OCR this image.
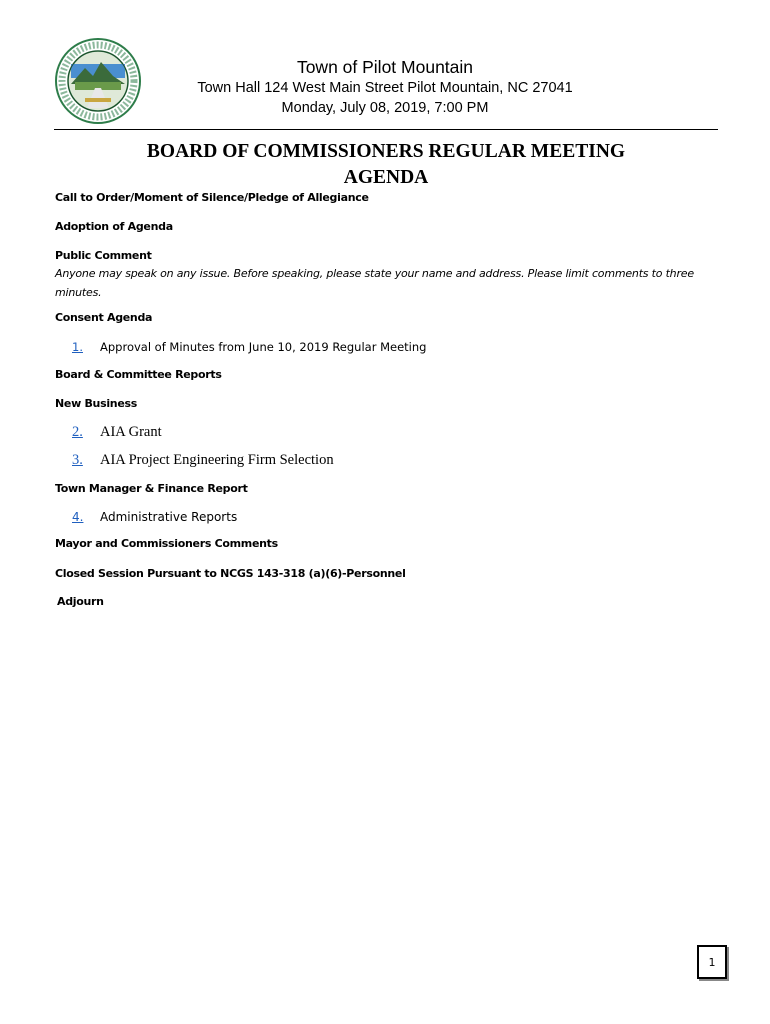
Town of Pilot Mountain
Town Hall 124 West Main Street Pilot Mountain, NC 27041
Monday, July 08, 2019, 7:00 PM
BOARD OF COMMISSIONERS REGULAR MEETING
AGENDA
Call to Order/Moment of Silence/Pledge of Allegiance
Adoption of Agenda
Public Comment
Anyone may speak on any issue. Before speaking, please state your name and address. Please limit comments to three minutes.
Consent Agenda
1.	Approval of Minutes from June 10, 2019 Regular Meeting
Board & Committee Reports
New Business
2.	AIA Grant
3.	AIA Project Engineering Firm Selection
Town Manager & Finance Report
4.	Administrative Reports
Mayor and Commissioners Comments
Closed Session Pursuant to NCGS 143-318 (a)(6)-Personnel
Adjourn
1
